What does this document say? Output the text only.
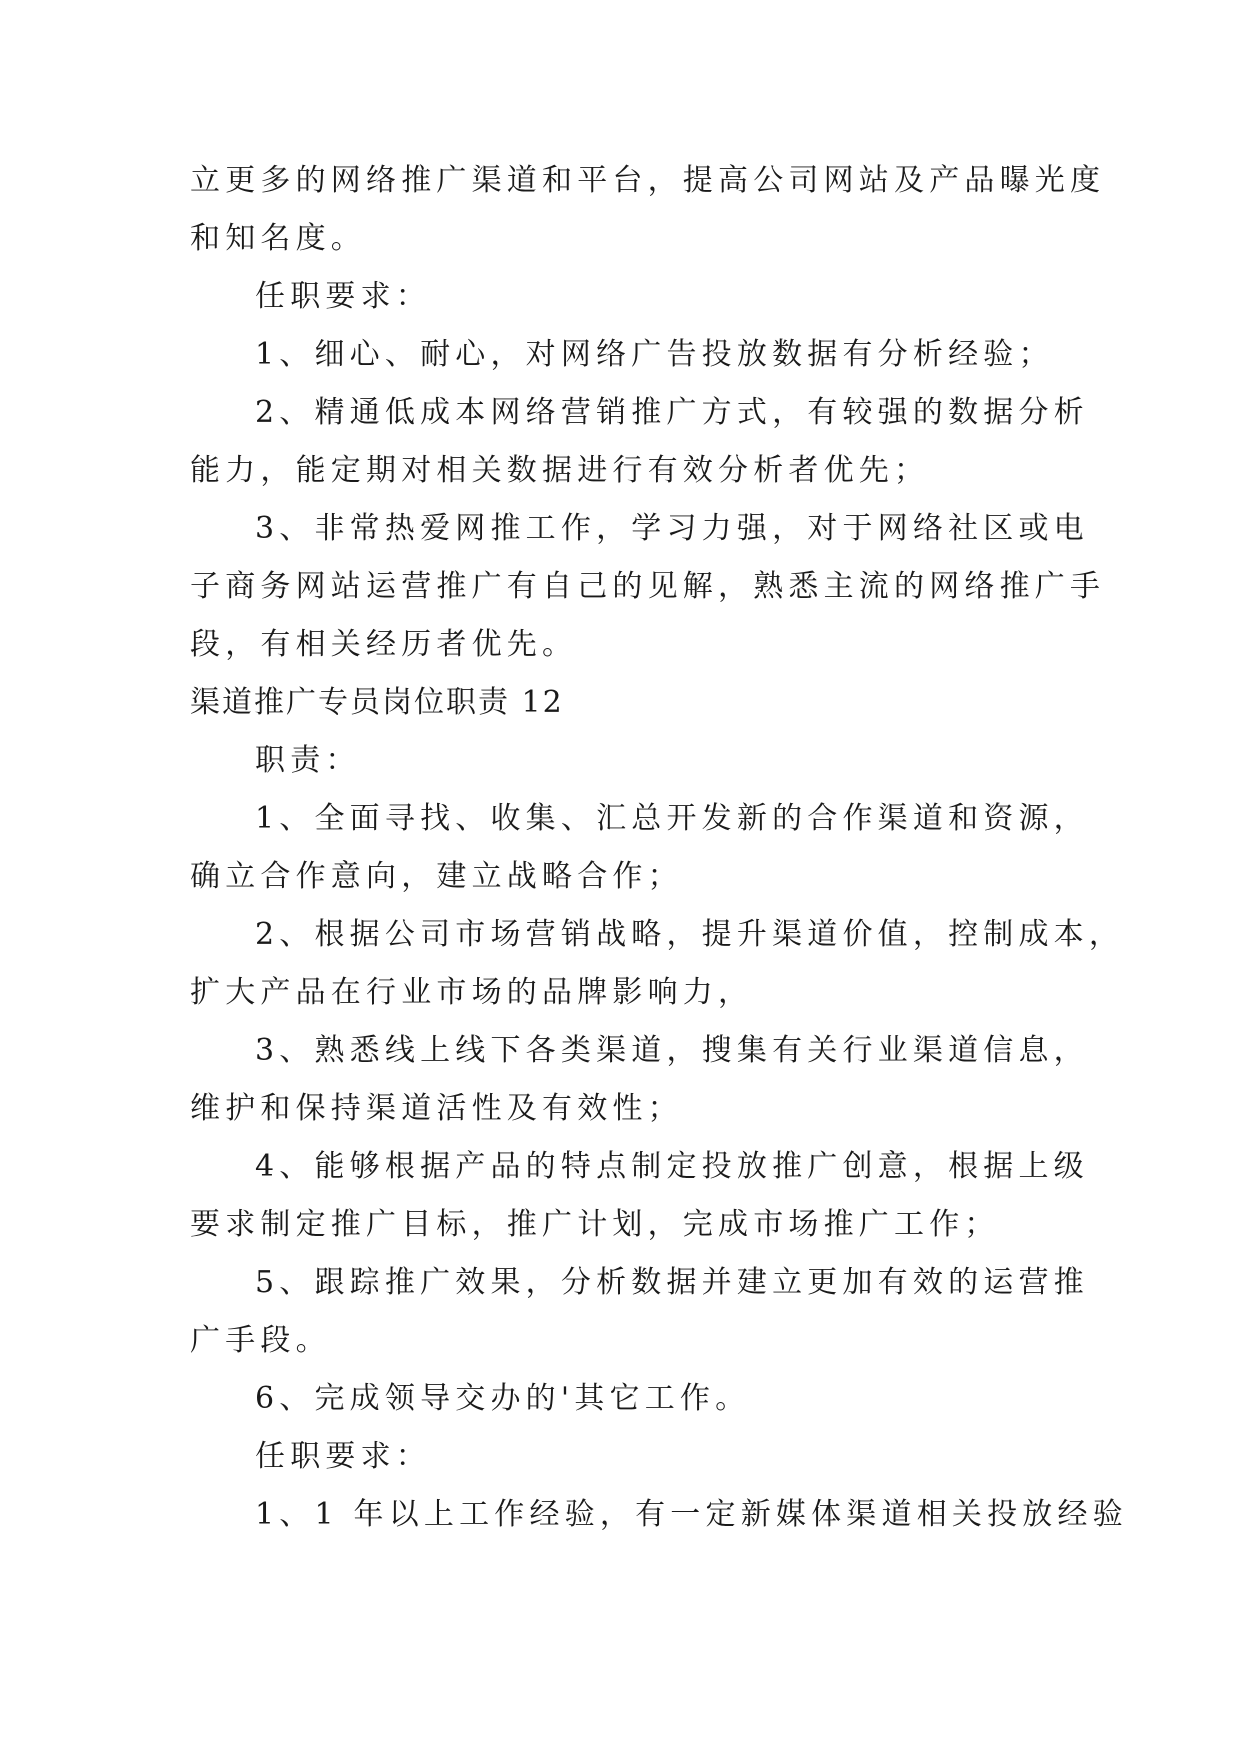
立更多的网络推广渠道和平台，提高公司网站及产品曝光度

和知名度。

任职要求：

1、细心、耐心，对网络广告投放数据有分析经验；

2、精通低成本网络营销推广方式，有较强的数据分析

能力，能定期对相关数据进行有效分析者优先；

3、非常热爱网推工作，学习力强，对于网络社区或电

子商务网站运营推广有自己的见解，熟悉主流的网络推广手

段，有相关经历者优先。

渠道推广专员岗位职责 12

职责：

1、全面寻找、收集、汇总开发新的合作渠道和资源，

确立合作意向，建立战略合作；

2、根据公司市场营销战略，提升渠道价值，控制成本，

扩大产品在行业市场的品牌影响力，

3、熟悉线上线下各类渠道，搜集有关行业渠道信息，

维护和保持渠道活性及有效性；

4、能够根据产品的特点制定投放推广创意，根据上级

要求制定推广目标，推广计划，完成市场推广工作；

5、跟踪推广效果，分析数据并建立更加有效的运营推

广手段。

6、完成领导交办的'其它工作。

任职要求：

1、1 年以上工作经验，有一定新媒体渠道相关投放经验
